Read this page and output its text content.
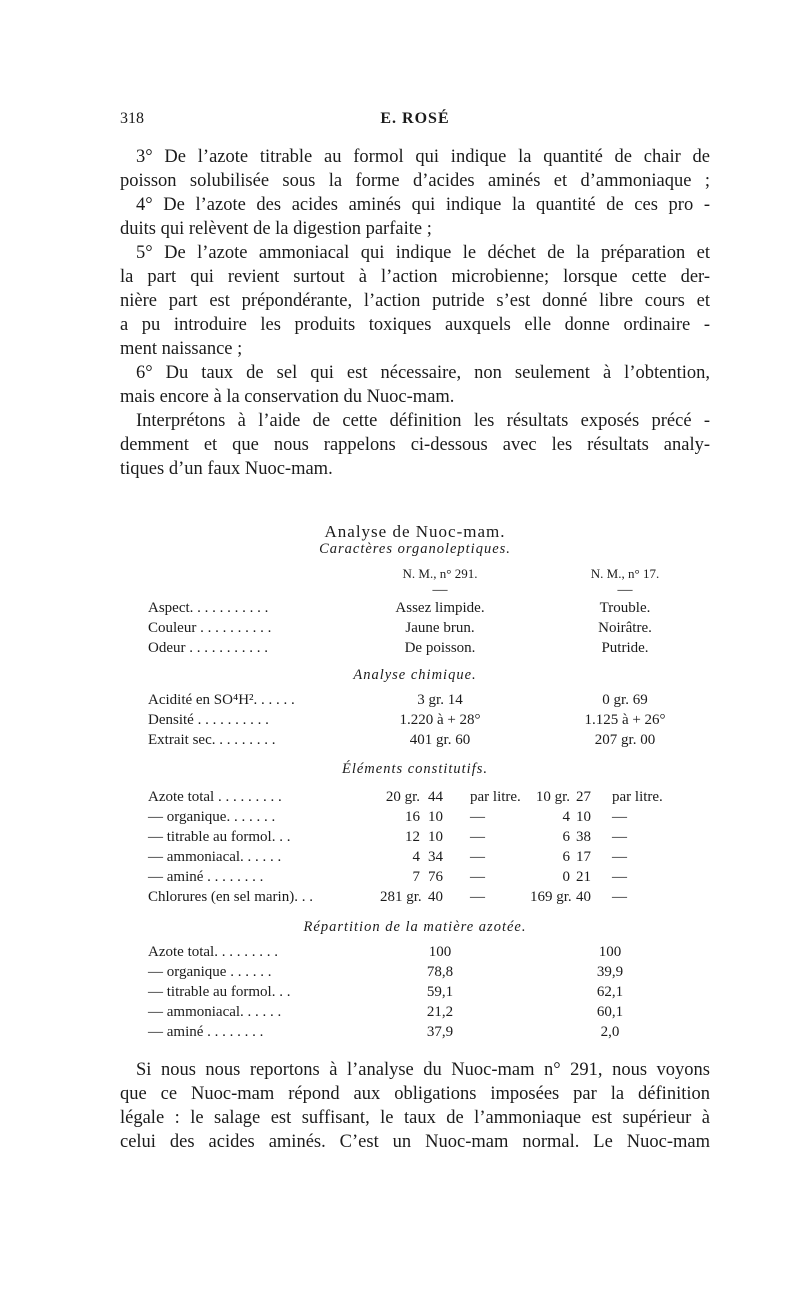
318	E. ROSÉ
3° De l’azote titrable au formol qui indique la quantité de chair de
poisson solubilisée sous la forme d’acides aminés et d’ammoniaque ;
4° De l’azote des acides aminés qui indique la quantité de ces pro -
duits qui relèvent de la digestion parfaite ;
5° De l’azote ammoniacal qui indique le déchet de la préparation et
la part qui revient surtout à l’action microbienne; lorsque cette der-
nière part est prépondérante, l’action putride s’est donné libre cours et
a pu introduire les produits toxiques auxquels elle donne ordinaire -
ment naissance ;
6° Du taux de sel qui est nécessaire, non seulement à l’obtention,
mais encore à la conservation du Nuoc-mam.
Interprétons à l’aide de cette définition les résultats exposés précé -
demment et que nous rappelons ci-dessous avec les résultats analy-
tiques d’un faux Nuoc-mam.
Analyse de Nuoc-mam.
Caractères organoleptiques.
N. M., n° 291.	N. M., n° 17.
—	—
Aspect. . . . . . . . . . .	Assez limpide.	Trouble.
Couleur . . . . . . . . . .	Jaune brun.	Noirâtre.
Odeur . . . . . . . . . . .	De poisson.	Putride.
Analyse chimique.
Acidité en SO⁴H². . . . . .	3 gr. 14	0 gr. 69
Densité . . . . . . . . . .	1.220 à + 28°	1.125 à + 26°
Extrait sec. . . . . . . . .	401 gr. 60	207 gr. 00
Éléments constitutifs.
Azote total . . . . . . . . .	20 gr. 44	par litre.	10 gr. 27	par litre.
— organique. . . . . . .	16 10	—	4 10	—
— titrable au formol. . .	12 10	—	6 38	—
— ammoniacal. . . . . .	4 34	—	6 17	—
— aminé . . . . . . . .	7 76	—	0 21	—
Chlorures (en sel marin). . .	281 gr. 40	—	169 gr. 40	—
Répartition de la matière azotée.
Azote total. . . . . . . . .	100	100
— organique . . . . . .	78,8	39,9
— titrable au formol. . .	59,1	62,1
— ammoniacal. . . . . .	21,2	60,1
— aminé . . . . . . . .	37,9	2,0
Si nous nous reportons à l’analyse du Nuoc-mam n° 291, nous voyons
que ce Nuoc-mam répond aux obligations imposées par la définition
légale : le salage est suffisant, le taux de l’ammoniaque est supérieur à
celui des acides aminés. C’est un Nuoc-mam normal. Le Nuoc-mam
